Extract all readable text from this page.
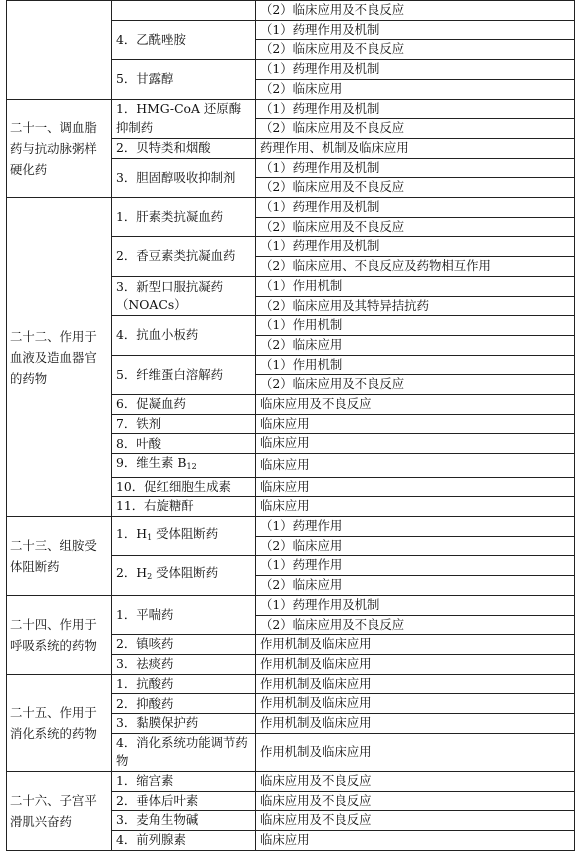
		（2）临床应用及不良反应
	4．乙酰唑胺	（1）药理作用及机制
		（2）临床应用及不良反应
	5．甘露醇	（1）药理作用及机制
		（2）临床应用
二十一、调血脂药与抗动脉粥样硬化药	1．HMG-CoA 还原酶抑制药	（1）药理作用及机制
		（2）临床应用及不良反应
	2．贝特类和烟酸	药理作用、机制及临床应用
	3．胆固醇吸收抑制剂	（1）药理作用及机制
		（2）临床应用及不良反应
二十二、作用于血液及造血器官的药物	1．肝素类抗凝血药	（1）药理作用及机制
		（2）临床应用及不良反应
	2．香豆素类抗凝血药	（1）药理作用及机制
		（2）临床应用、不良反应及药物相互作用
	3．新型口服抗凝药（NOACs）	（1）作用机制
		（2）临床应用及其特异拮抗药
	4．抗血小板药	（1）作用机制
		（2）临床应用
	5．纤维蛋白溶解药	（1）作用机制
		（2）临床应用及不良反应
	6．促凝血药	临床应用及不良反应
	7．铁剂	临床应用
	8．叶酸	临床应用
	9．维生素 $B_{12}$	临床应用
	10．促红细胞生成素	临床应用
	11．右旋糖酐	临床应用
二十三、组胺受体阻断药	1．$H_1$ 受体阻断药	（1）药理作用
		（2）临床应用
	2．$H_2$ 受体阻断药	（1）药理作用
		（2）临床应用
二十四、作用于呼吸系统的药物	1．平喘药	（1）药理作用及机制
		（2）临床应用及不良反应
	2．镇咳药	作用机制及临床应用
	3．祛痰药	作用机制及临床应用
二十五、作用于消化系统的药物	1．抗酸药	作用机制及临床应用
	2．抑酸药	作用机制及临床应用
	3．黏膜保护药	作用机制及临床应用
	4．消化系统功能调节药物	作用机制及临床应用
二十六、子宫平滑肌兴奋药	1．缩宫素	临床应用及不良反应
	2．垂体后叶素	临床应用及不良反应
	3．麦角生物碱	临床应用及不良反应
	4．前列腺素	临床应用
